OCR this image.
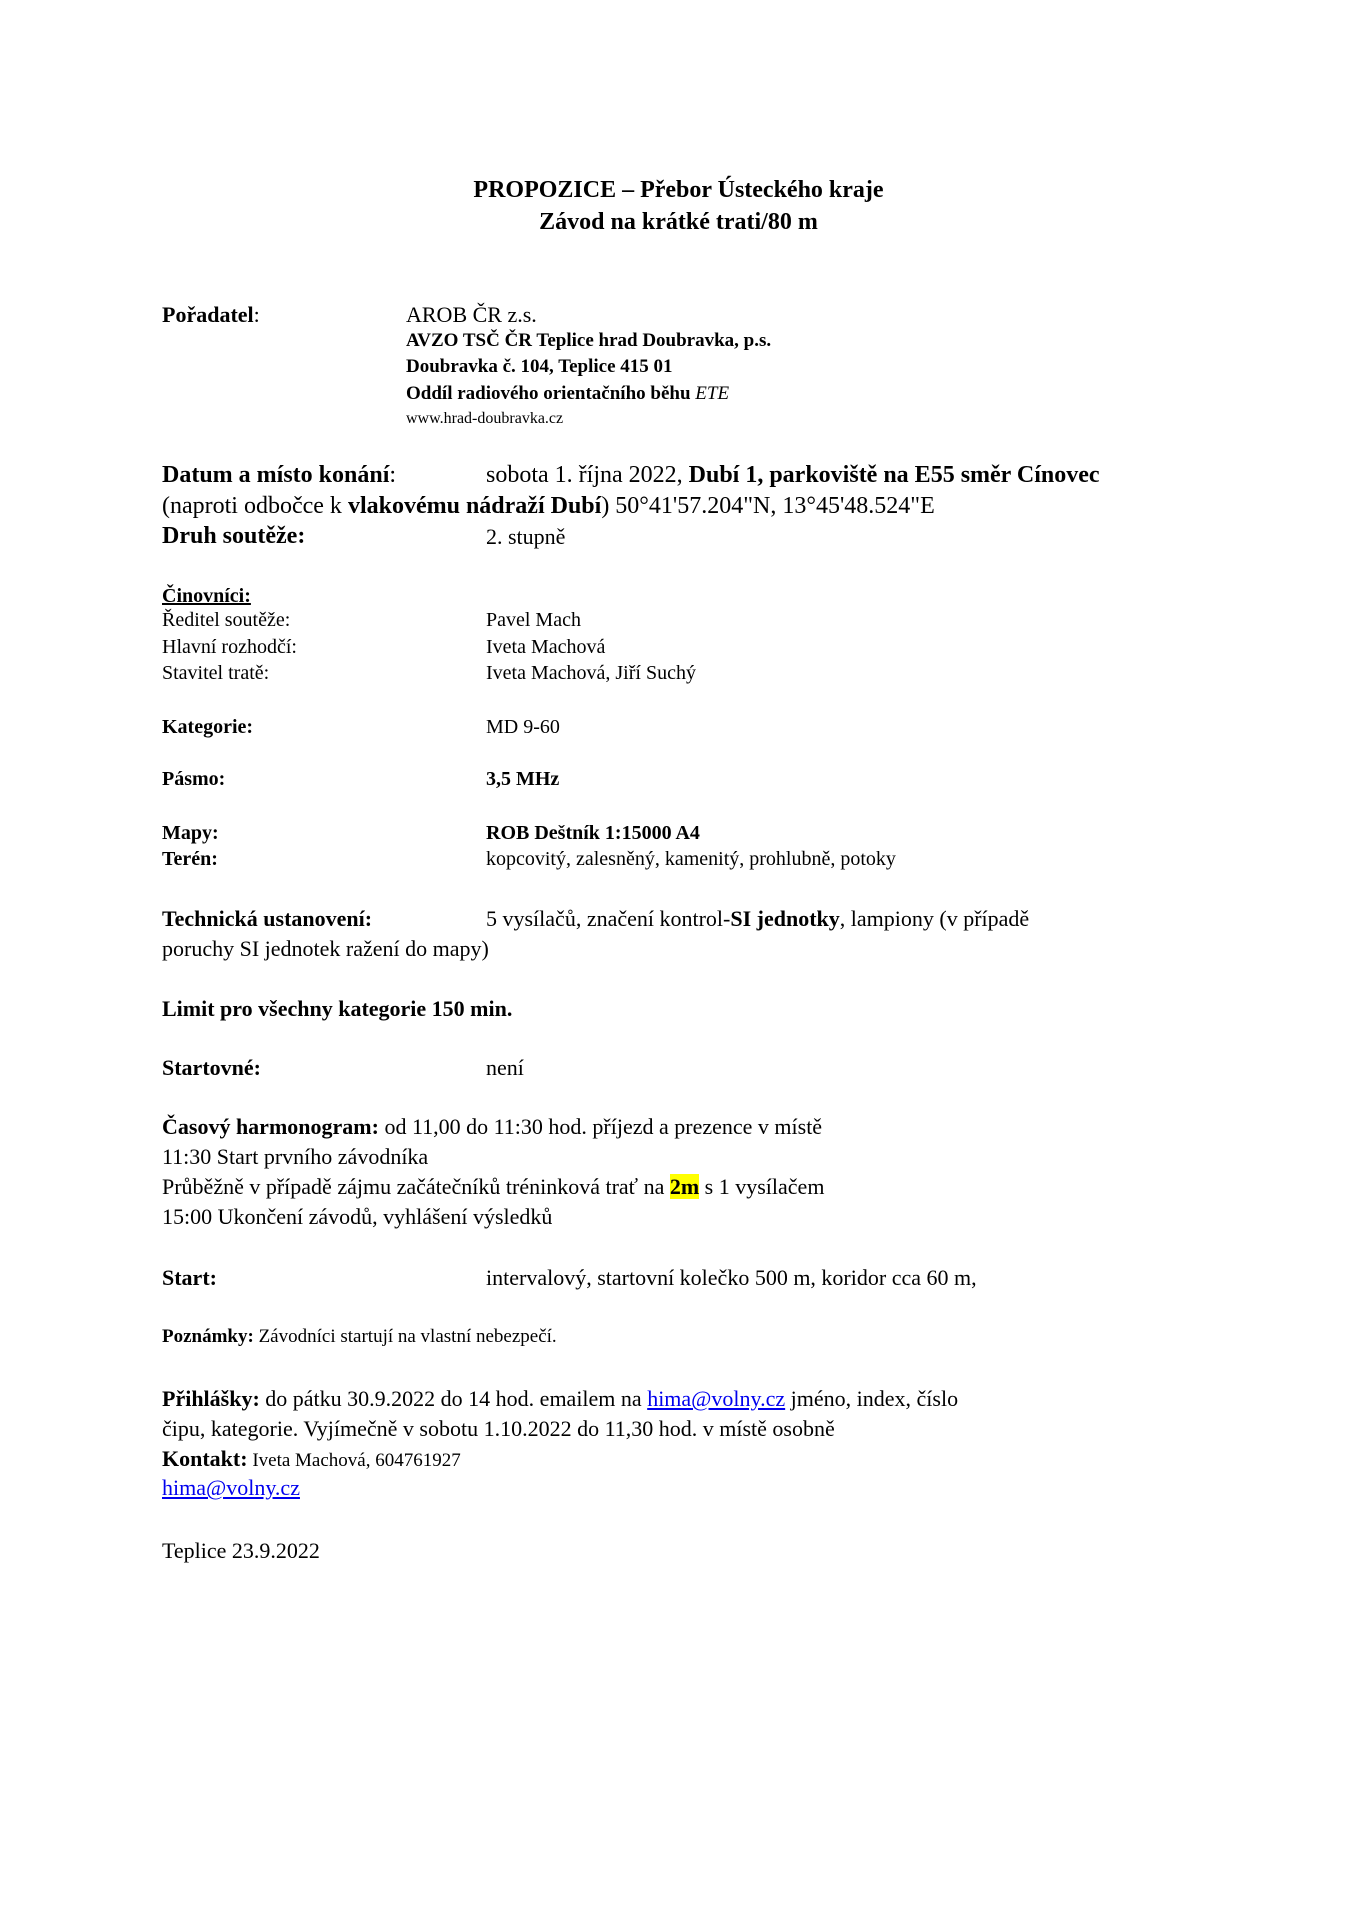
PROPOZICE – Přebor Ústeckého kraje
Závod na krátké trati/80 m
Pořadatel:	AROB ČR z.s.
AVZO TSČ ČR Teplice hrad Doubravka, p.s.
Doubravka č. 104, Teplice 415 01
Oddíl radiového orientačního běhu ETE
www.hrad-doubravka.cz
Datum a místo konání:	sobota 1. října 2022, Dubí 1, parkoviště na E55 směr Cínovec
(naproti odbočce k vlakovému nádraží Dubí) 50°41'57.204"N, 13°45'48.524"E
Druh soutěže:	2. stupně
Činovníci:
Ředitel soutěže:	Pavel Mach
Hlavní rozhodčí:	Iveta Machová
Stavitel tratě:	Iveta Machová, Jiří Suchý
Kategorie:	MD 9-60
Pásmo:	3,5 MHz
Mapy:	ROB Deštník 1:15000 A4
Terén:	kopcovitý, zalesněný, kamenitý, prohlubně, potoky
Technická ustanovení:	5 vysílačů, značení kontrol-SI jednotky, lampiony (v případě
poruchy SI jednotek ražení do mapy)
Limit pro všechny kategorie 150 min.
Startovné:	není
Časový harmonogram: od 11,00 do 11:30 hod. příjezd a prezence v místě
11:30 Start prvního závodníka
Průběžně v případě zájmu začátečníků tréninková trať na 2m s 1 vysílačem
15:00 Ukončení závodů, vyhlášení výsledků
Start:	intervalový, startovní kolečko 500 m, koridor cca 60 m,
Poznámky: Závodníci startují na vlastní nebezpečí.
Přihlášky: do pátku 30.9.2022 do 14 hod. emailem na hima@volny.cz jméno, index, číslo
čipu, kategorie. Vyjímečně v sobotu 1.10.2022 do 11,30 hod. v místě osobně
Kontakt: Iveta Machová, 604761927
hima@volny.cz
Teplice 23.9.2022
